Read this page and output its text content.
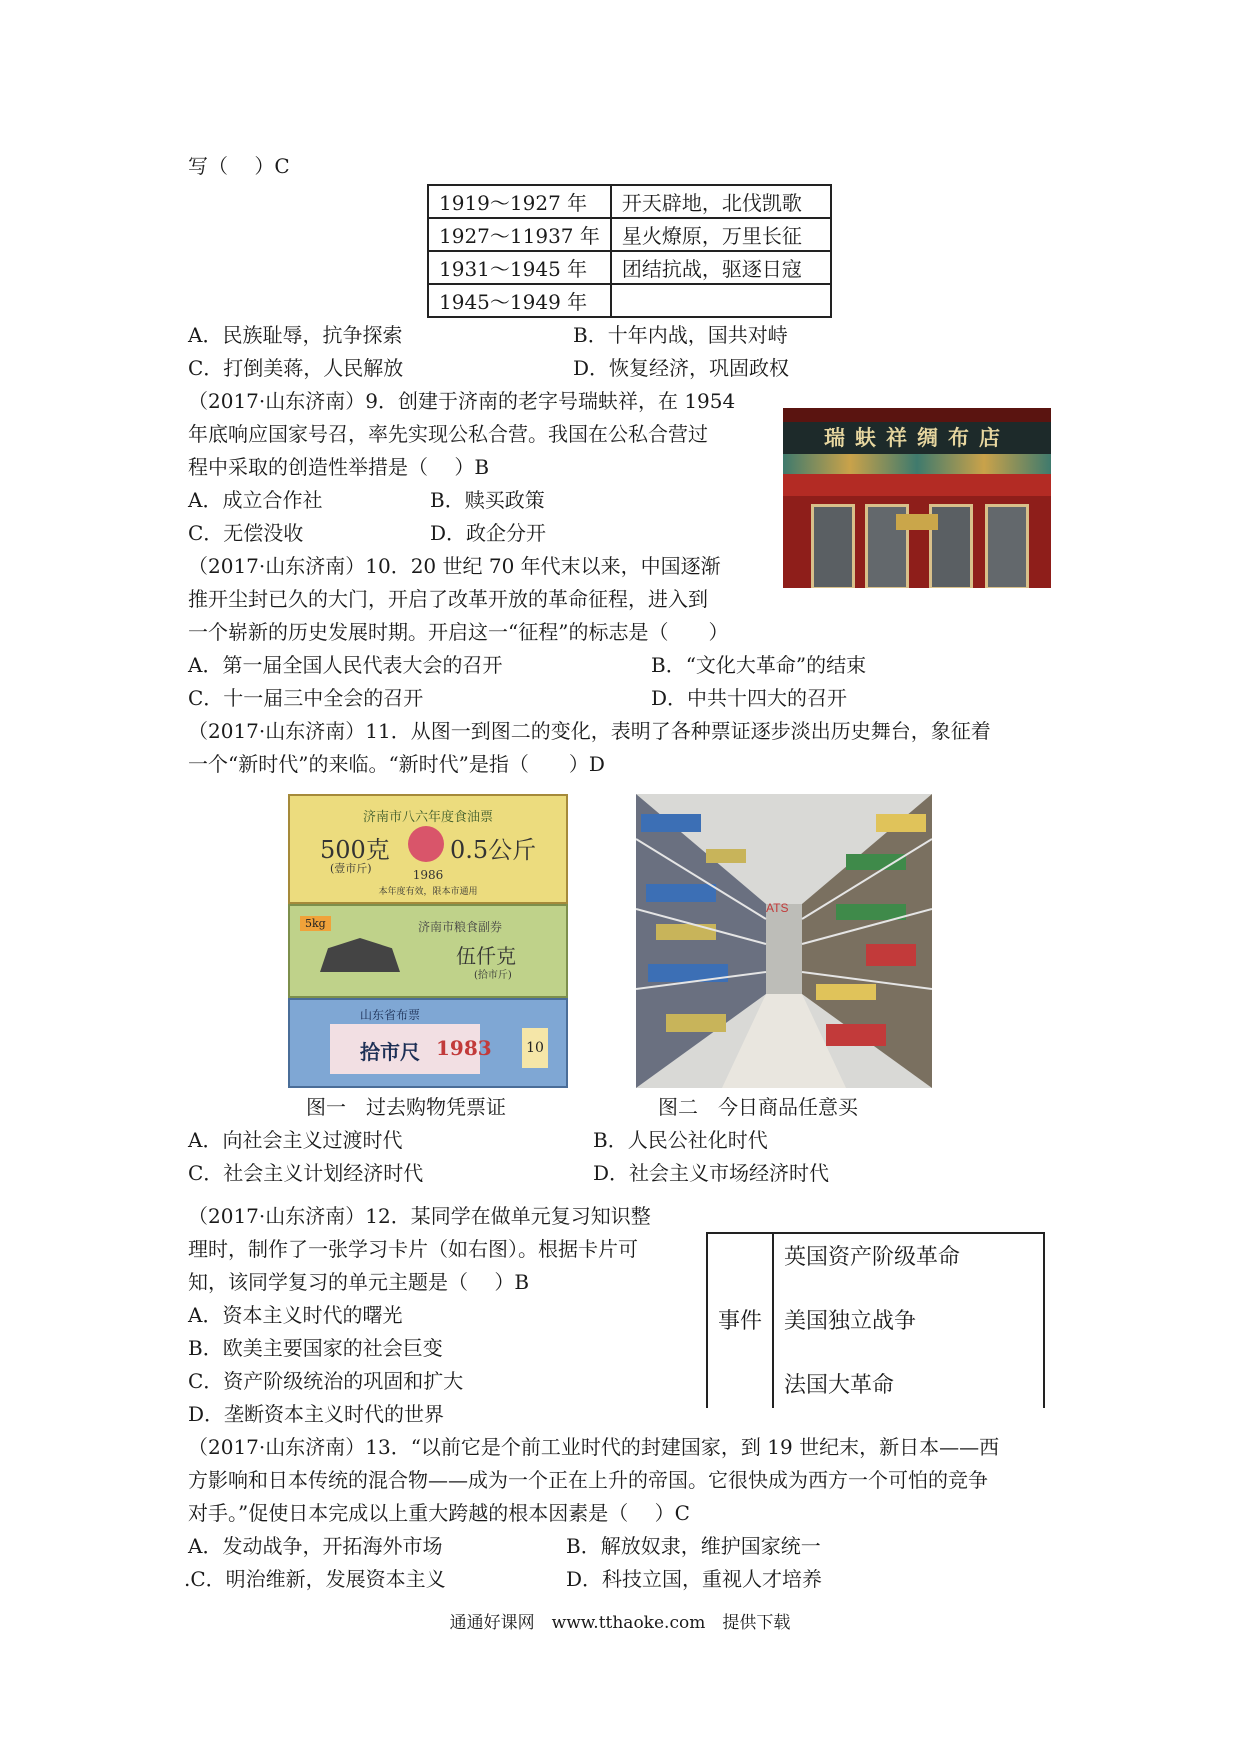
写（　 ）C
1919～1927 年	开天辟地，北伐凯歌
1927～11937 年	星火燎原，万里长征
1931～1945 年	团结抗战，驱逐日寇
1945～1949 年	
A．民族耻辱，抗争探索	B．十年内战，国共对峙
C．打倒美蒋，人民解放	D．恢复经济，巩固政权
（2017·山东济南）9．创建于济南的老字号瑞蚨祥，在 1954
年底响应国家号召，率先实现公私合营。我国在公私合营过
程中采取的创造性举措是（　 ）B
A．成立合作社	B．赎买政策
C．无偿没收	D．政企分开
瑞蚨祥绸布店
（2017·山东济南）10．20 世纪 70 年代末以来，中国逐渐
推开尘封已久的大门，开启了改革开放的革命征程，进入到
一个崭新的历史发展时期。开启这一“征程”的标志是（　　）
A．第一届全国人民代表大会的召开	B．“文化大革命”的结束
C．十一届三中全会的召开	D．中共十四大的召开
（2017·山东济南）11．从图一到图二的变化，表明了各种票证逐步淡出历史舞台，象征着
一个“新时代”的来临。“新时代”是指（　　）D
济南市八六年度食油票
500克
(壹市斤)
0.5公斤
1986
本年度有效，限本市通用
5kg	济南市粮食副券
伍仟克
(拾市斤)
山东省布票
拾市尺 1983 10
ATS
图一　过去购物凭票证	图二　今日商品任意买
A．向社会主义过渡时代	B．人民公社化时代
C．社会主义计划经济时代	D．社会主义市场经济时代
（2017·山东济南）12．某同学在做单元复习知识整
理时，制作了一张学习卡片（如右图）。根据卡片可
知，该同学复习的单元主题是（　 ）B
A．资本主义时代的曙光
B．欧美主要国家的社会巨变
C．资产阶级统治的巩固和扩大
D．垄断资本主义时代的世界
事件
英国资产阶级革命
美国独立战争
法国大革命
（2017·山东济南）13．“以前它是个前工业时代的封建国家，到 19 世纪末，新日本——西
方影响和日本传统的混合物——成为一个正在上升的帝国。它很快成为西方一个可怕的竞争
对手。”促使日本完成以上重大跨越的根本因素是（　 ）C
A．发动战争，开拓海外市场	B．解放奴隶，维护国家统一
.C．明治维新，发展资本主义	D．科技立国，重视人才培养
通通好课网　www.tthaoke.com　提供下载
